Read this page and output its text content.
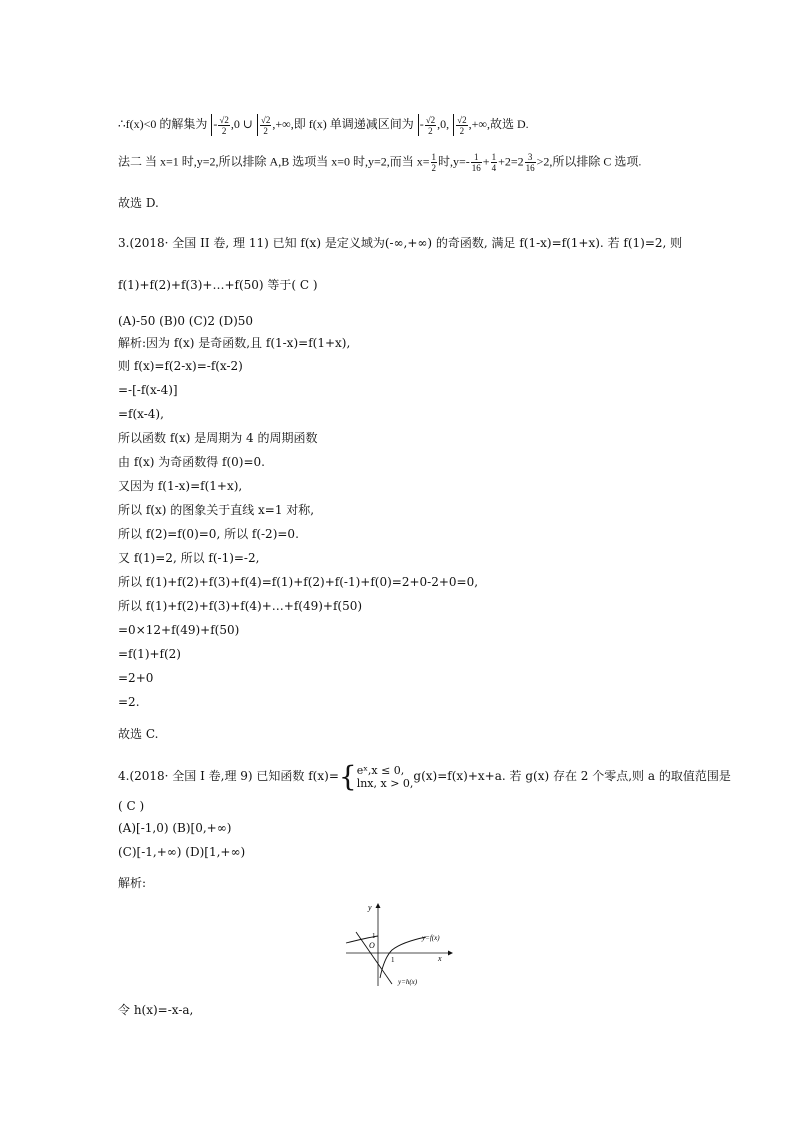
∴f(x)<0 的解集为 - $\frac{√2}{2} ,0$ ∪ $\frac{√2}{2}$ ,+∞,即 f(x) 单调递减区间为 - $\frac{√2}{2} ,0$, $\frac{√2}{2}$ ,+∞,故选 D.
法二 当 x=1 时,y=2,所以排除 A,B 选项当 x=0 时,y=2,而当 $x= \frac{1}{2}$ 时$,y=- \frac{1}{16} + \frac{1}{4} +2=2 \frac{3}{16} >2$,所以排除 C 选项.
故选 D.
3.(2018· 全国 II 卷, 理 11) 已知 f(x) 是定义域为(-∞,+∞) 的奇函数, 满足 f(1-x)=f(1+x). 若 f(1)=2, 则
f(1)+f(2)+f(3)+…+f(50) 等于( C )
(A)-50 (B)0 (C)2 (D)50
解析:因为 f(x) 是奇函数,且 f(1-x)=f(1+x),
则 f(x)=f(2-x)=-f(x-2)
=-[-f(x-4)]
=f(x-4),
所以函数 f(x) 是周期为 4 的周期函数
由 f(x) 为奇函数得 f(0)=0.
又因为 f(1-x)=f(1+x),
所以 f(x) 的图象关于直线 x=1 对称,
所以 f(2)=f(0)=0, 所以 f(-2)=0.
又 f(1)=2, 所以 f(-1)=-2,
所以 f(1)+f(2)+f(3)+f(4)=f(1)+f(2)+f(-1)+f(0)=2+0-2+0=0,
所以 f(1)+f(2)+f(3)+f(4)+…+f(49)+f(50)
=0×12+f(49)+f(50)
=f(1)+f(2)
=2+0
=2.
故选 C.
4.(2018· 全国 I 卷,理 9) 已知函数 f(x)={ eˣ,x ≤ 0,
lnx, x > 0, g(x)=f(x)+x+a. 若 g(x) 存在 2 个零点,则 a 的取值范围是
( C )
(A)[-1,0) (B)[0,+∞)
(C)[-1,+∞) (D)[1,+∞)
解析:
y
x
O
1
1	y=f(x)
y=h(x)
令 h(x)=-x-a,
